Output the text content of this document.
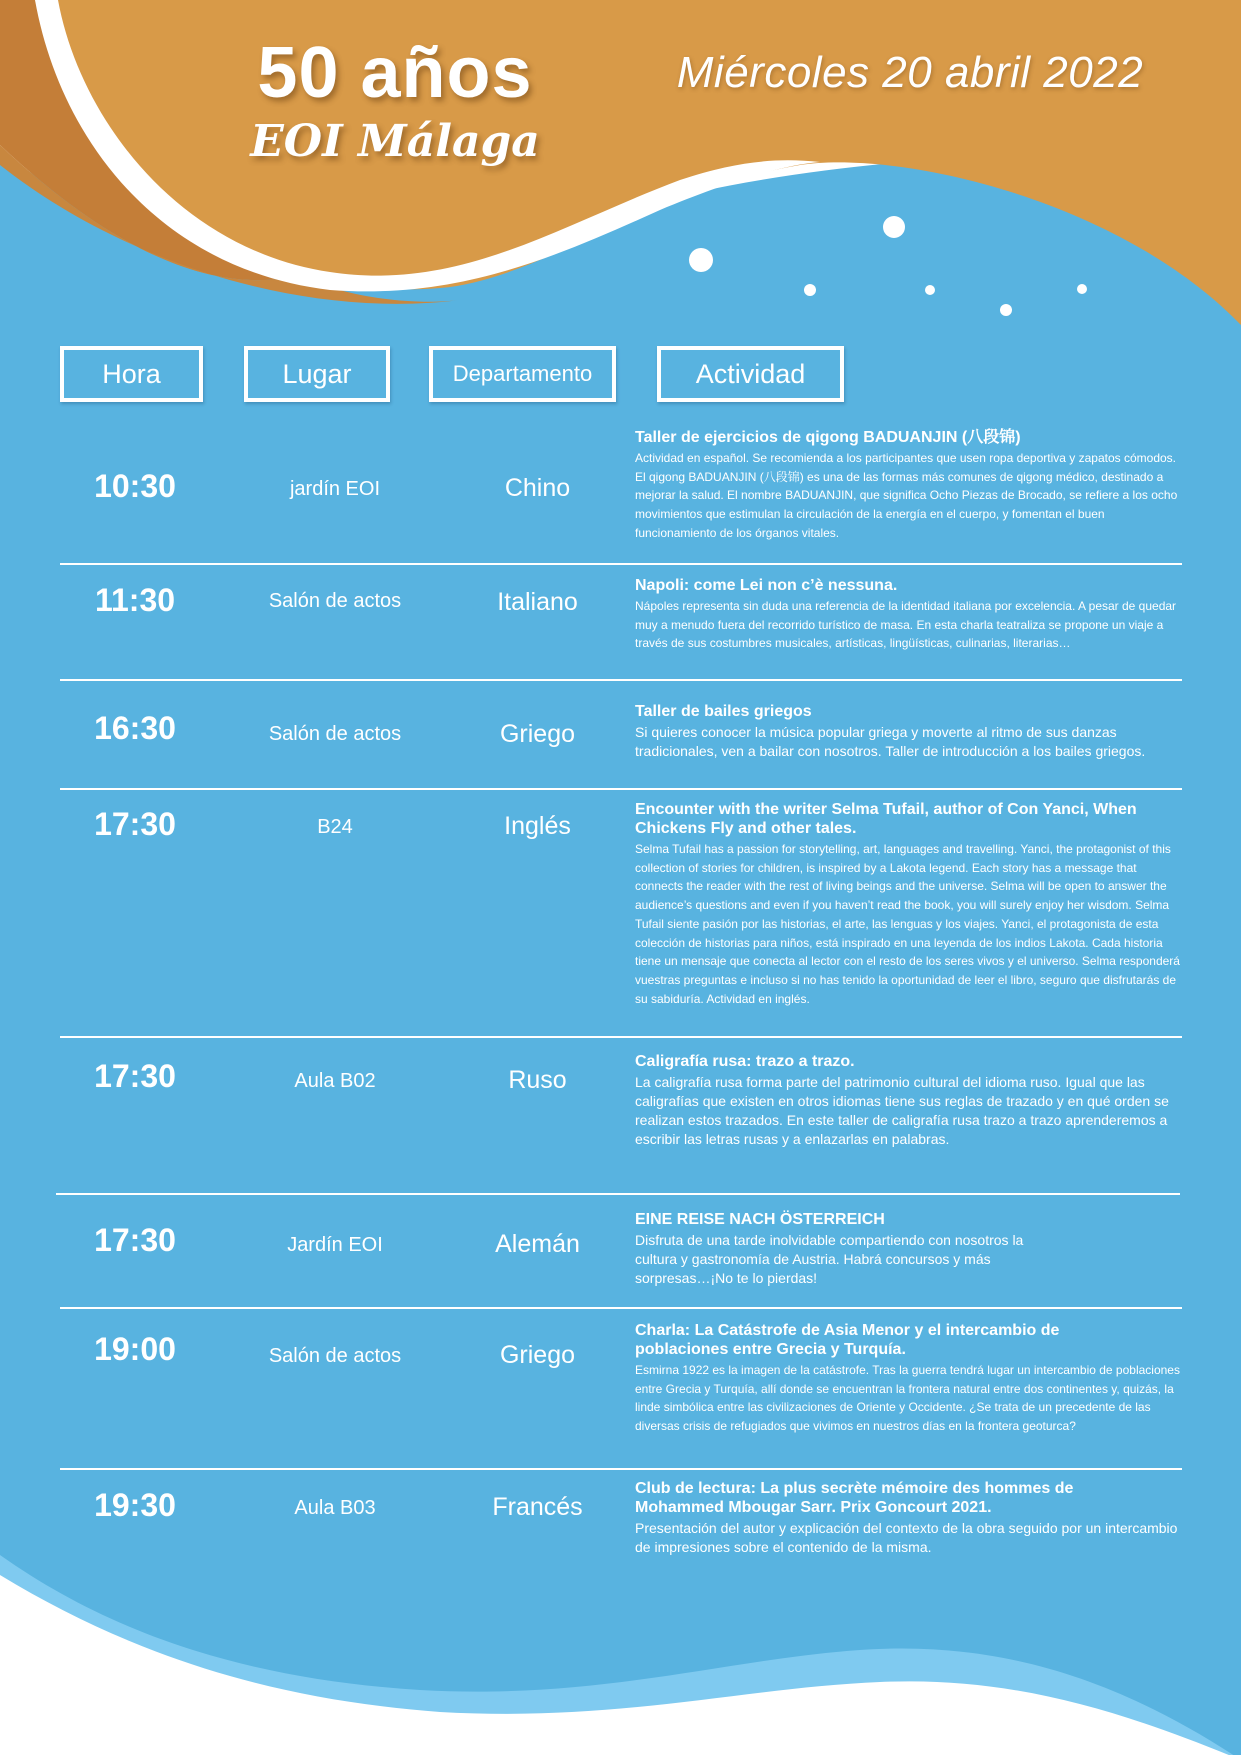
50 años
EOI Málaga
Miércoles 20 abril 2022
Hora	Lugar	Departamento	Actividad
10:30	jardín EOI	Chino
Taller de ejercicios de qigong BADUANJIN (八段锦)
Actividad en español. Se recomienda a los participantes que usen ropa deportiva y zapatos cómodos. El qigong BADUANJIN (八段锦) es una de las formas más comunes de qigong médico, destinado a mejorar la salud. El nombre BADUANJIN, que significa Ocho Piezas de Brocado, se refiere a los ocho movimientos que estimulan la circulación de la energía en el cuerpo, y fomentan el buen funcionamiento de los órganos vitales.
11:30	Salón de actos	Italiano
Napoli: come Lei non c’è nessuna.
Nápoles representa sin duda una referencia de la identidad italiana por excelencia. A pesar de quedar muy a menudo fuera del recorrido turístico de masa. En esta charla teatraliza se propone un viaje a través de sus costumbres musicales, artísticas, lingüísticas, culinarias, literarias…
16:30	Salón de actos	Griego
Taller de bailes griegos
Si quieres conocer la música popular griega y moverte al ritmo de sus danzas tradicionales, ven a bailar con nosotros. Taller de introducción a los bailes griegos.
17:30	B24	Inglés
Encounter with the writer Selma Tufail, author of Con Yanci, When Chickens Fly and other tales.
Selma Tufail has a passion for storytelling, art, languages and travelling. Yanci, the protagonist of this collection of stories for children, is inspired by a Lakota legend. Each story has a message that connects the reader with the rest of living beings and the universe. Selma will be open to answer the audience’s questions and even if you haven’t read the book, you will surely enjoy her wisdom. Selma Tufail siente pasión por las historias, el arte, las lenguas y los viajes. Yanci, el protagonista de esta colección de historias para niños, está inspirado en una leyenda de los indios Lakota. Cada historia tiene un mensaje que conecta al lector con el resto de los seres vivos y el universo. Selma responderá vuestras preguntas e incluso si no has tenido la oportunidad de leer el libro, seguro que disfrutarás de su sabiduría. Actividad en inglés.
17:30	Aula B02	Ruso
Caligrafía rusa: trazo a trazo.
La caligrafía rusa forma parte del patrimonio cultural del idioma ruso. Igual que las caligrafías que existen en otros idiomas tiene sus reglas de trazado y en qué orden se realizan estos trazados. En este taller de caligrafía rusa trazo a trazo aprenderemos a escribir las letras rusas y a enlazarlas en palabras.
17:30	Jardín EOI	Alemán
EINE REISE NACH ÖSTERREICH
Disfruta de una tarde inolvidable compartiendo con nosotros la cultura y gastronomía de Austria. Habrá concursos y más sorpresas…¡No te lo pierdas!
19:00	Salón de actos	Griego
Charla: La Catástrofe de Asia Menor y el intercambio de poblaciones entre Grecia y Turquía.
Esmirna 1922 es la imagen de la catástrofe. Tras la guerra tendrá lugar un intercambio de poblaciones entre Grecia y Turquía, allí donde se encuentran la frontera natural entre dos continentes y, quizás, la linde simbólica entre las civilizaciones de Oriente y Occidente. ¿Se trata de un precedente de las diversas crisis de refugiados que vivimos en nuestros días en la frontera geoturca?
19:30	Aula B03	Francés
Club de lectura: La plus secrète mémoire des hommes de Mohammed Mbougar Sarr. Prix Goncourt 2021.
Presentación del autor y explicación del contexto de la obra seguido por un intercambio de impresiones sobre el contenido de la misma.
